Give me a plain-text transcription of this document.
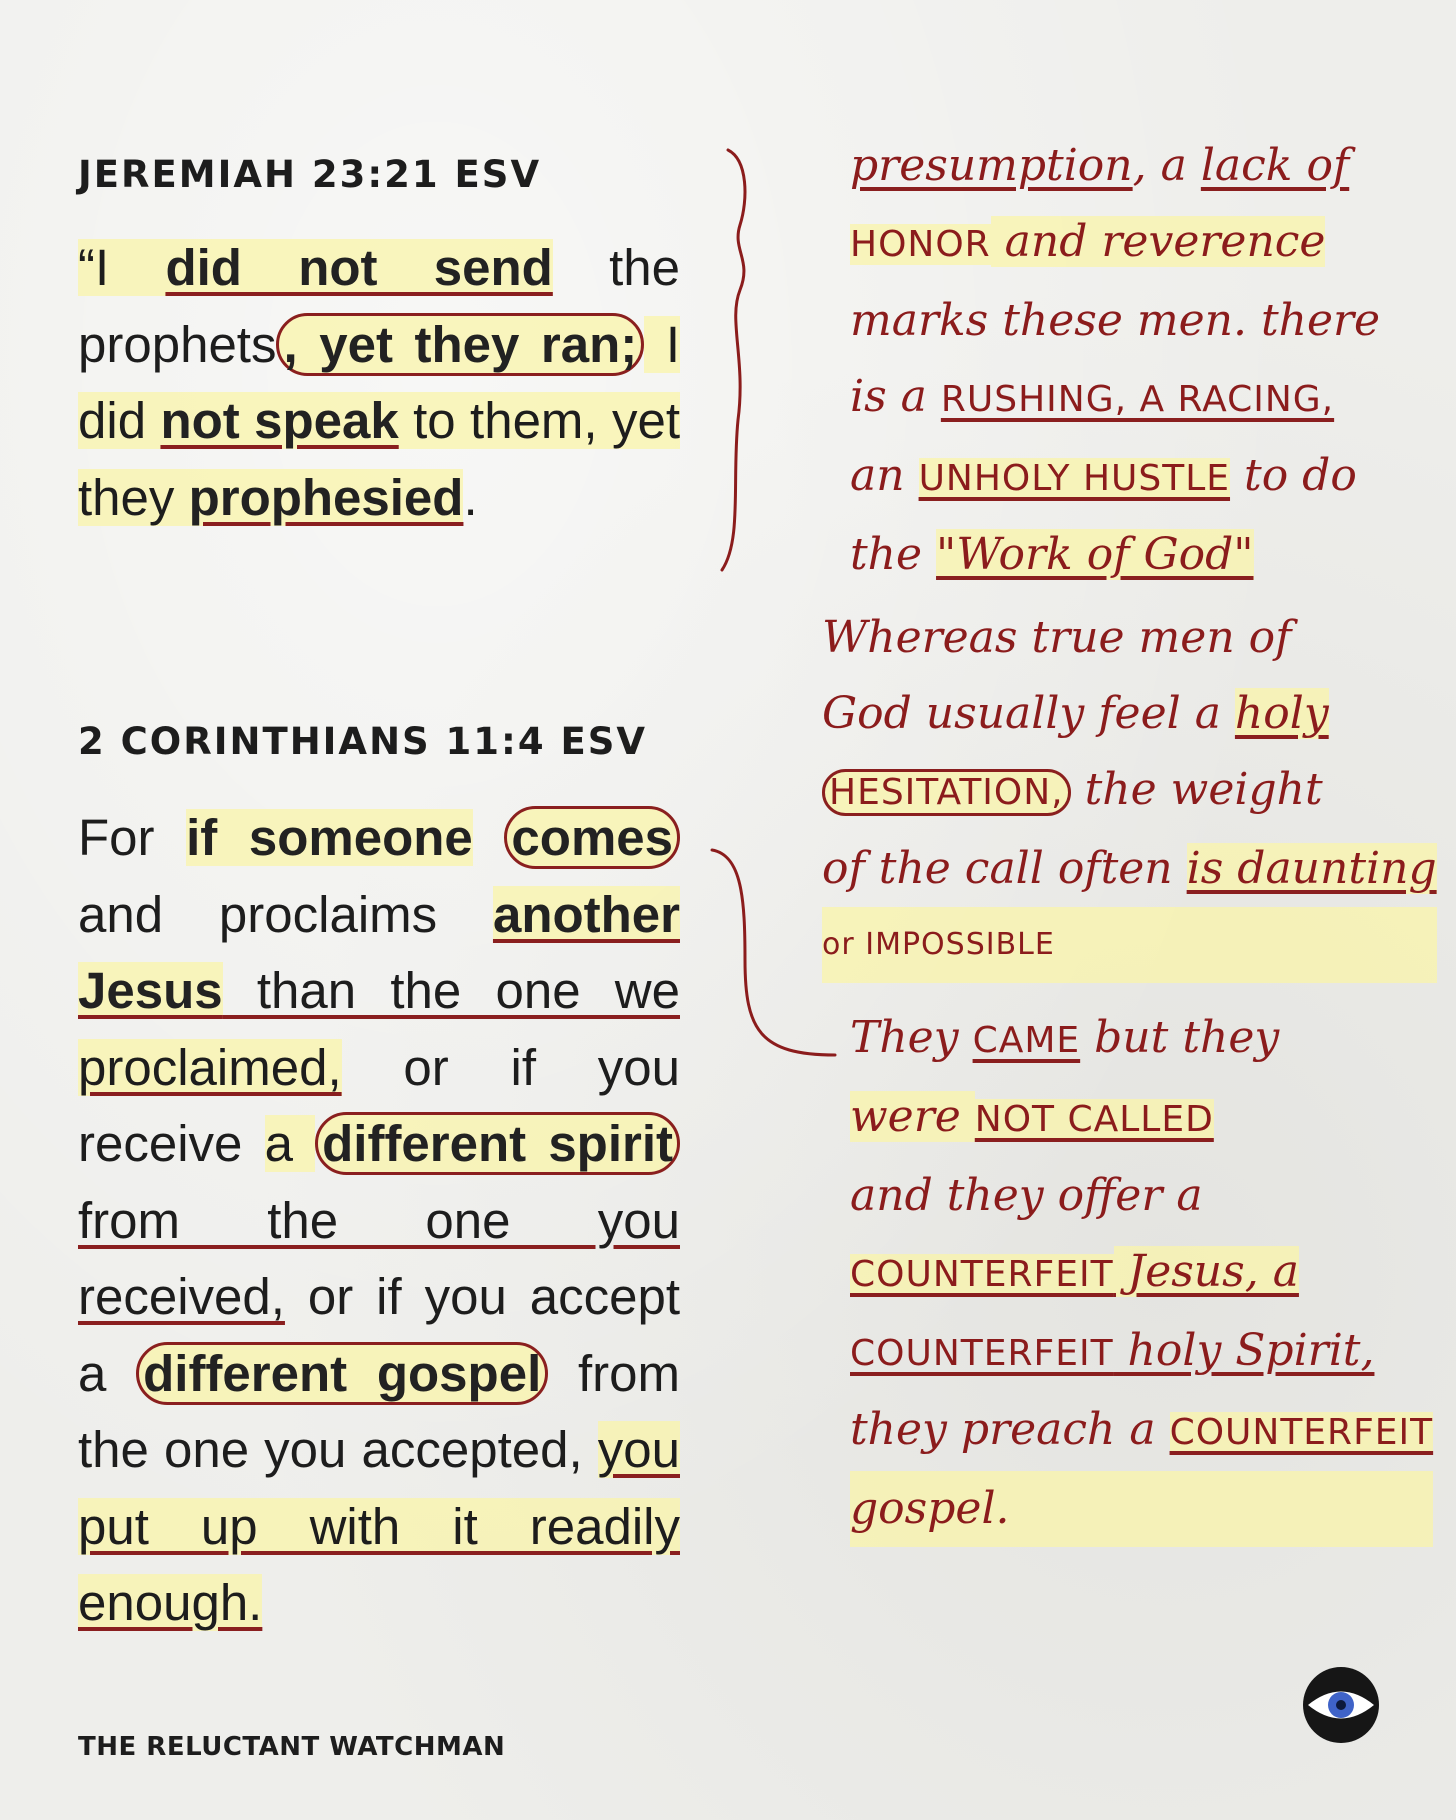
JEREMIAH 23:21 ESV
“I did not send the prophets , yet they ran; I did not speak to them, yet they prophesied.
2 CORINTHIANS 11:4 ESV
For if someone comes and proclaims another Jesus than the one we proclaimed, or if you receive a different spirit from the one you received, or if you accept a different gospel from the one you accepted, you put up with it readily enough.
presumption, a lack of
HONOR and reverence
marks these men. there
is a RUSHING, A RACING,
an UNHOLY HUSTLE to do
the "Work of God"
Whereas true men of
God usually feel a holy
HESITATION, the weight
of the call often is daunting
or IMPOSSIBLE
They CAME but they
were NOT CALLED
and they offer a
COUNTERFEIT Jesus, a
COUNTERFEIT holy Spirit,
they preach a COUNTERFEIT
gospel.
THE RELUCTANT WATCHMAN
